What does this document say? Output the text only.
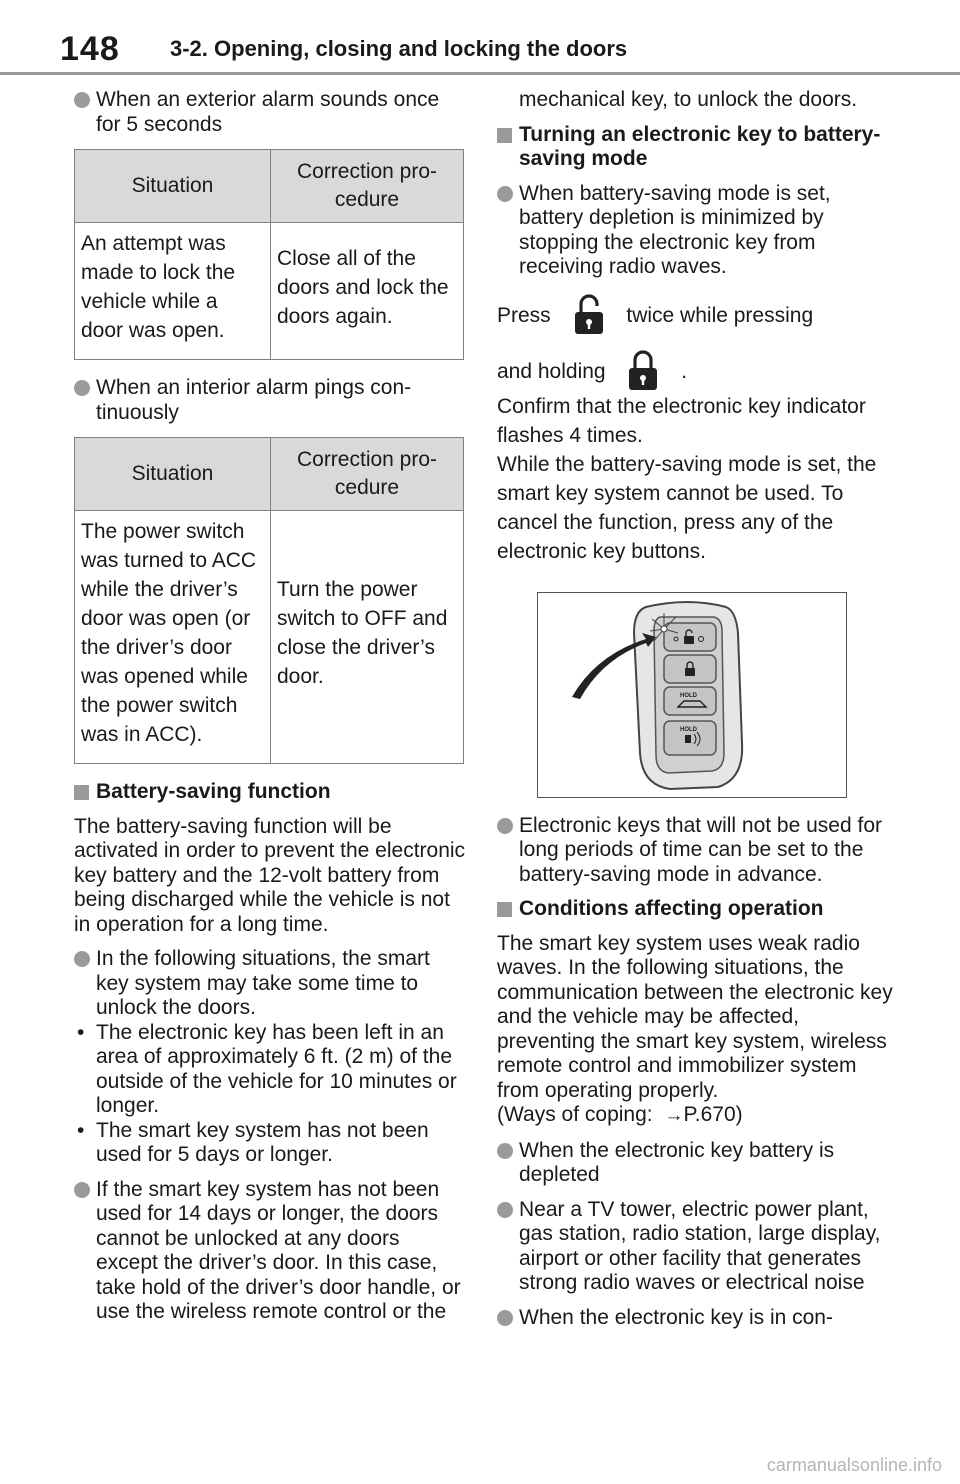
148 3-2. Opening, closing and locking the doors
When an exterior alarm sounds once for 5 seconds
Situation	Correction pro-
cedure
An attempt was made to lock the vehicle while a door was open.	Close all of the doors and lock the doors again.
When an interior alarm pings con-
tinuously
Situation	Correction pro-
cedure
The power switch was turned to ACC while the driver’s door was open (or the driver’s door was opened while the power switch was in ACC).	Turn the power switch to OFF and close the driver’s door.
Battery-saving function
The battery-saving function will be activated in order to prevent the electronic key battery and the 12-volt battery from being discharged while the vehicle is not in operation for a long time.
In the following situations, the smart key system may take some time to unlock the doors.
• The electronic key has been left in an area of approximately 6 ft. (2 m) of the outside of the vehicle for 10 minutes or longer.
• The smart key system has not been used for 5 days or longer.
If the smart key system has not been used for 14 days or longer, the doors cannot be unlocked at any doors except the driver’s door. In this case, take hold of the driver’s door handle, or use the wireless remote control or the
mechanical key, to unlock the doors.
Turning an electronic key to battery-saving mode
When battery-saving mode is set, battery depletion is minimized by stopping the electronic key from receiving radio waves.
Press	twice while pressing
and holding	.
Confirm that the electronic key indicator flashes 4 times.
While the battery-saving mode is set, the smart key system cannot be used. To cancel the function, press any of the electronic key buttons.
HOLD
HOLD
Electronic keys that will not be used for long periods of time can be set to the battery-saving mode in advance.
Conditions affecting operation
The smart key system uses weak radio waves. In the following situations, the communication between the electronic key and the vehicle may be affected, preventing the smart key system, wireless remote control and immobilizer system from operating properly.
(Ways of coping: →P.670)
When the electronic key battery is depleted
Near a TV tower, electric power plant, gas station, radio station, large display, airport or other facility that generates strong radio waves or electrical noise
When the electronic key is in con-
carmanualsonline.info
